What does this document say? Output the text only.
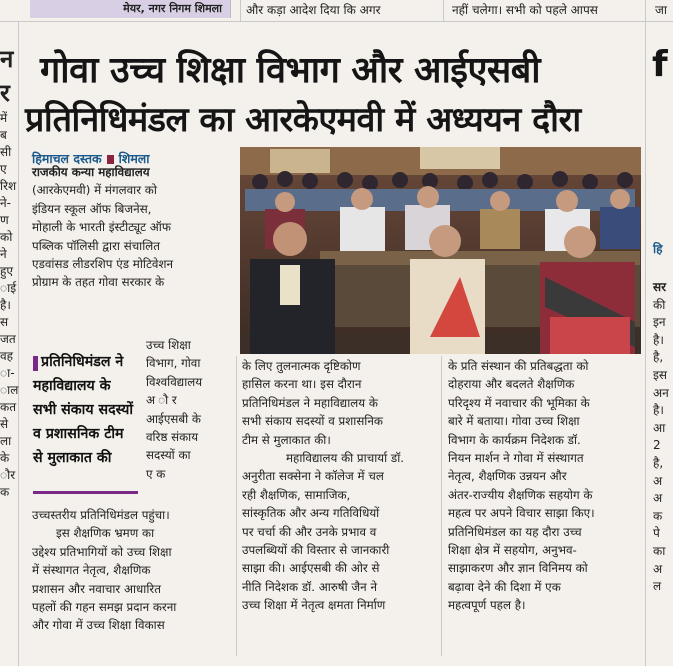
मेयर, नगर निगम शिमला और कड़ा आदेश दिया कि अगर	नहीं चलेगा। सभी को पहले आपस	जा
न
र
में
ब
सी
ए
रिश
ने-
ण
को
ने
हुए
ाई
है।
स
जत
वह
ा-
ाल
कत
से
ला
के
ौर
क
गोवा उच्च शिक्षा विभाग और आईएसबी
प्रतिनिधिमंडल का आरकेएमवी में अध्ययन दौरा
हिमाचल दस्तक शिमला
राजकीय कन्या महाविद्यालय
(आरकेएमवी) में मंगलवार को
इंडियन स्कूल ऑफ बिजनेस,
मोहाली के भारती इंस्टीट्यूट ऑफ
पब्लिक पॉलिसी द्वारा संचालित
एडवांसड लीडरशिप एंड मोटिवेशन
प्रोग्राम के तहत गोवा सरकार के
प्रतिनिधिमंडल ने महाविद्यालय के सभी संकाय सदस्यों व प्रशासनिक टीम से मुलाकात की
उच्च शिक्षा
विभाग, गोवा
विश्वविद्यालय
अ ौ र
आईएसबी के
वरिष्ठ संकाय
सदस्यों का
ए क
उच्चस्तरीय प्रतिनिधिमंडल पहुंचा।
इस शैक्षणिक भ्रमण का
उद्देश्य प्रतिभागियों को उच्च शिक्षा
में संस्थागत नेतृत्व, शैक्षणिक
प्रशासन और नवाचार आधारित
पहलों की गहन समझ प्रदान करना
और गोवा में उच्च शिक्षा विकास
के लिए तुलनात्मक दृष्टिकोण
हासिल करना था। इस दौरान
प्रतिनिधिमंडल ने महाविद्यालय के
सभी संकाय सदस्यों व प्रशासनिक
टीम से मुलाकात की।
महाविद्यालय की प्राचार्या डॉ.
अनुरीता सक्सेना ने कॉलेज में चल
रही शैक्षणिक, सामाजिक,
सांस्कृतिक और अन्य गतिविधियों
पर चर्चा की और उनके प्रभाव व
उपलब्धियों की विस्तार से जानकारी
साझा की। आईएसबी की ओर से
नीति निदेशक डॉ. आरुषी जैन ने
उच्च शिक्षा में नेतृत्व क्षमता निर्माण
के प्रति संस्थान की प्रतिबद्धता को
दोहराया और बदलते शैक्षणिक
परिदृश्य में नवाचार की भूमिका के
बारे में बताया। गोवा उच्च शिक्षा
विभाग के कार्यक्रम निदेशक डॉ.
नियन मार्शन ने गोवा में संस्थागत
नेतृत्व, शैक्षणिक उन्नयन और
अंतर-राज्यीय शैक्षणिक सहयोग के
महत्व पर अपने विचार साझा किए।
प्रतिनिधिमंडल का यह दौरा उच्च
शिक्षा क्षेत्र में सहयोग, अनुभव-
साझाकरण और ज्ञान विनिमय को
बढ़ावा देने की दिशा में एक
महत्वपूर्ण पहल है।
f
हि
सर
की
इन
है।
है,
इस
अन
है।
आ
2
है,
अ
अ
क
पे
का
अ
ल
